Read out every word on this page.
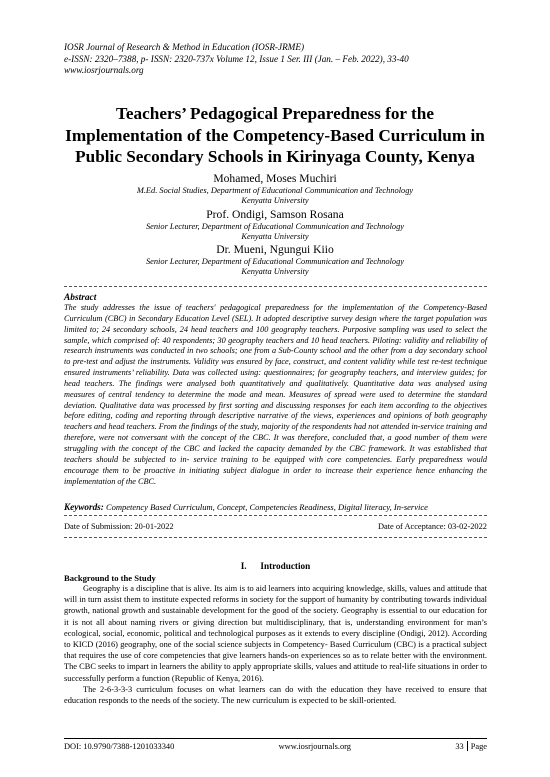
IOSR Journal of Research & Method in Education (IOSR-JRME)
e-ISSN: 2320–7388, p- ISSN: 2320-737x Volume 12, Issue 1 Ser. III (Jan. – Feb. 2022), 33-40
www.iosrjournals.org
Teachers’ Pedagogical Preparedness for the
Implementation of the Competency-Based Curriculum in
Public Secondary Schools in Kirinyaga County, Kenya
Mohamed, Moses Muchiri
M.Ed. Social Studies, Department of Educational Communication and Technology
Kenyatta University
Prof. Ondigi, Samson Rosana
Senior Lecturer, Department of Educational Communication and Technology
Kenyatta University
Dr. Mueni, Ngungui Kiio
Senior Lecturer, Department of Educational Communication and Technology
Kenyatta University
Abstract
The study addresses the issue of teachers' pedagogical preparedness for the implementation of the Competency-Based Curriculum (CBC) in Secondary Education Level (SEL). It adopted descriptive survey design where the target population was limited to; 24 secondary schools, 24 head teachers and 100 geography teachers. Purposive sampling was used to select the sample, which comprised of: 40 respondents; 30 geography teachers and 10 head teachers. Piloting: validity and reliability of research instruments was conducted in two schools; one from a Sub-County school and the other from a day secondary school to pre-test and adjust the instruments. Validity was ensured by face, construct, and content validity while test re-test technique ensured instruments’ reliability. Data was collected using: questionnaires; for geography teachers, and interview guides; for head teachers. The findings were analysed both quantitatively and qualitatively. Quantitative data was analysed using measures of central tendency to determine the mode and mean. Measures of spread were used to determine the standard deviation. Qualitative data was processed by first sorting and discussing responses for each item according to the objectives before editing, coding and reporting through descriptive narrative of the views, experiences and opinions of both geography teachers and head teachers. From the findings of the study, majority of the respondents had not attended in-service training and therefore, were not conversant with the concept of the CBC. It was therefore, concluded that, a good number of them were struggling with the concept of the CBC and lacked the capacity demanded by the CBC framework. It was established that teachers should be subjected to in- service training to be equipped with core competencies. Early preparedness would encourage them to be proactive in initiating subject dialogue in order to increase their experience hence enhancing the implementation of the CBC.
Keywords: Competency Based Curriculum, Concept, Competencies Readiness, Digital literacy, In-service
Date of Submission: 20-01-2022	Date of Acceptance: 03-02-2022
I.      Introduction
Background to the Study

Geography is a discipline that is alive. Its aim is to aid learners into acquiring knowledge, skills, values and attitude that will in turn assist them to institute expected reforms in society for the support of humanity by contributing towards individual growth, national growth and sustainable development for the good of the society. Geography is essential to our education for it is not all about naming rivers or giving direction but multidisciplinary, that is, understanding environment for man’s ecological, social, economic, political and technological purposes as it extends to every discipline (Ondigi, 2012). According to KICD (2016) geography, one of the social science subjects in Competency- Based Curriculum (CBC) is a practical subject that requires the use of core competencies that give learners hands-on experiences so as to relate better with the environment. The CBC seeks to impart in learners the ability to apply appropriate skills, values and attitude to real-life situations in order to successfully perform a function (Republic of Kenya, 2016).

The 2-6-3-3-3 curriculum focuses on what learners can do with the education they have received to ensure that education responds to the needs of the society. The new curriculum is expected to be skill-oriented.

DOI: 10.9790/7388-1201033340	www.iosrjournals.org	33 Page
